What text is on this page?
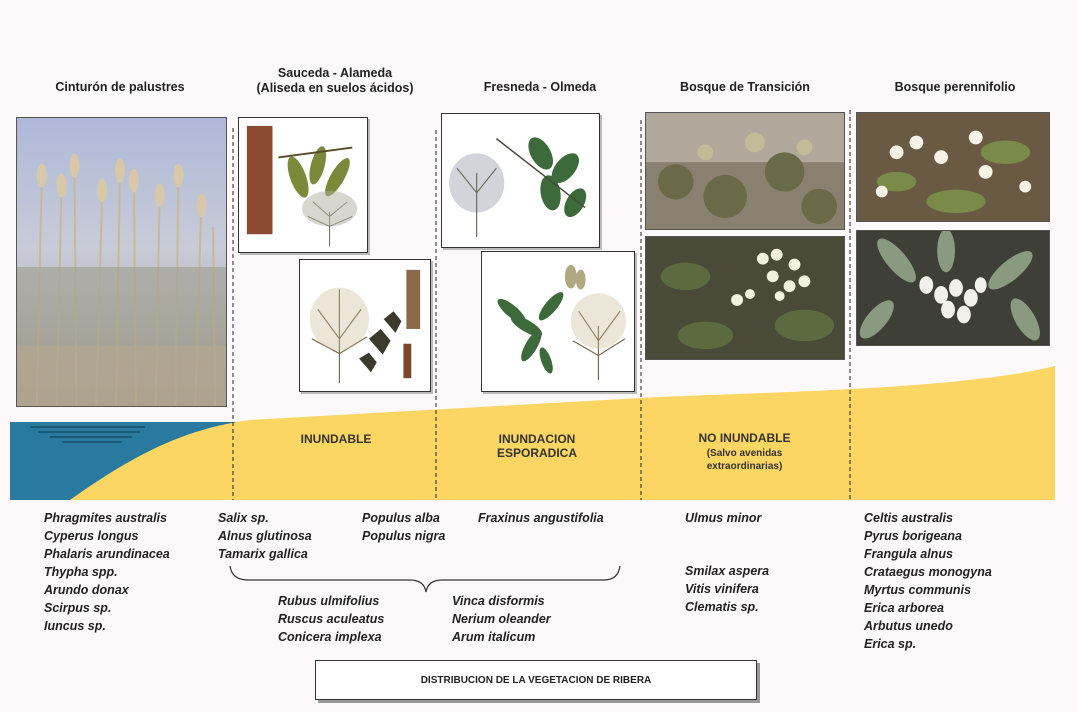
Cinturón de palustres
Sauceda - Alameda
(Aliseda en suelos ácidos)	Fresneda - Olmeda	Bosque de Transición	Bosque perennifolio
INUNDABLE	INUNDACION
ESPORADICA
NO INUNDABLE
(Salvo avenidas
extraordinarias)
Phragmites australis
Cyperus longus
Phalaris arundinacea
Thypha spp.
Arundo donax
Scirpus sp.
Iuncus sp.
Salix sp.
Alnus glutinosa
Tamarix gallica
Populus alba
Populus nigra
Fraxinus angustifolia
Rubus ulmifolius
Ruscus aculeatus
Conicera implexa
Vinca disformis
Nerium oleander
Arum italicum
Ulmus minor
Smilax aspera
Vitis vinifera
Clematis sp.
Celtis australis
Pyrus borigeana
Frangula alnus
Crataegus monogyna
Myrtus communis
Erica arborea
Arbutus unedo
Erica sp.
DISTRIBUCION DE LA VEGETACION DE RIBERA
